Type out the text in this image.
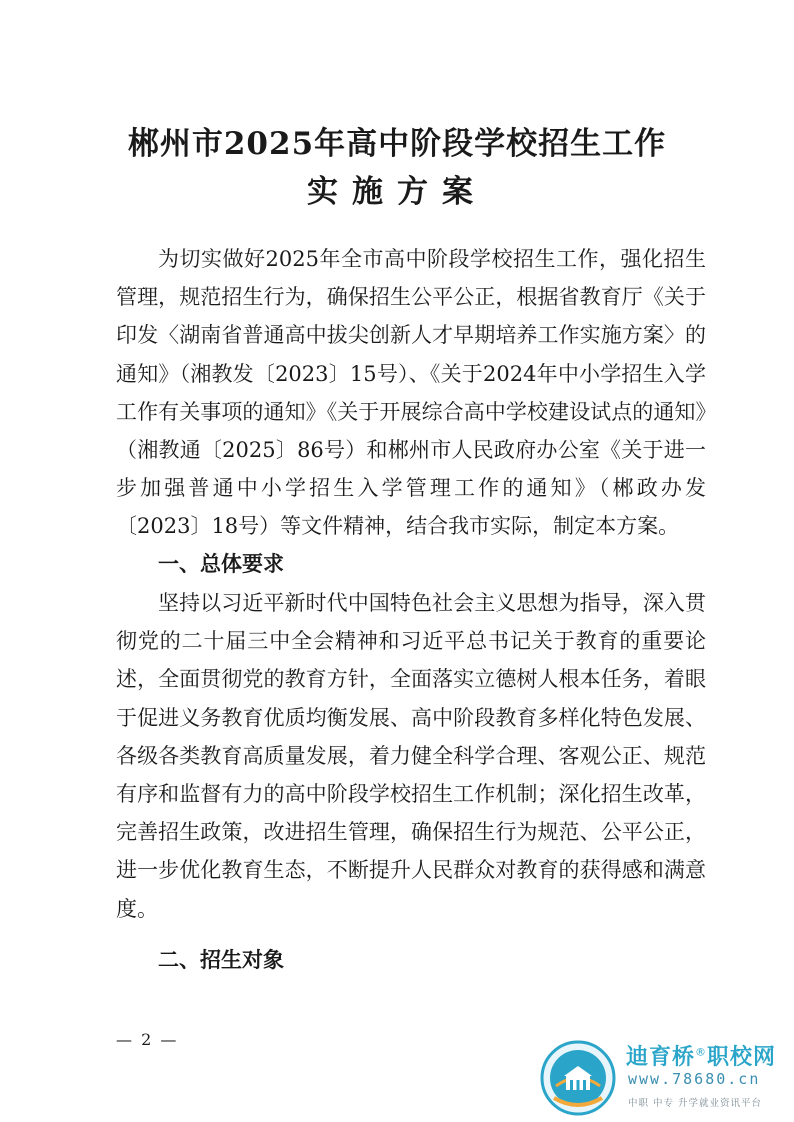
郴州市2025年高中阶段学校招生工作
实施方案

为切实做好2025年全市高中阶段学校招生工作，强化招生管理，规范招生行为，确保招生公平公正，根据省教育厅《关于印发〈湖南省普通高中拔尖创新人才早期培养工作实施方案〉的通知》（湘教发〔2023〕15号）、《关于2024年中小学招生入学工作有关事项的通知》《关于开展综合高中学校建设试点的通知》（湘教通〔2025〕86号）和郴州市人民政府办公室《关于进一步加强普通中小学招生入学管理工作的通知》（郴政办发〔2023〕18号）等文件精神，结合我市实际，制定本方案。

一、总体要求

坚持以习近平新时代中国特色社会主义思想为指导，深入贯彻党的二十届三中全会精神和习近平总书记关于教育的重要论述，全面贯彻党的教育方针，全面落实立德树人根本任务，着眼于促进义务教育优质均衡发展、高中阶段教育多样化特色发展、各级各类教育高质量发展，着力健全科学合理、客观公正、规范有序和监督有力的高中阶段学校招生工作机制；深化招生改革，完善招生政策，改进招生管理，确保招生行为规范、公平公正，进一步优化教育生态，不断提升人民群众对教育的获得感和满意度。

二、招生对象
— 2 —
迪育桥®职校网
www.78680.cn
中职 中专 升学就业资讯平台
